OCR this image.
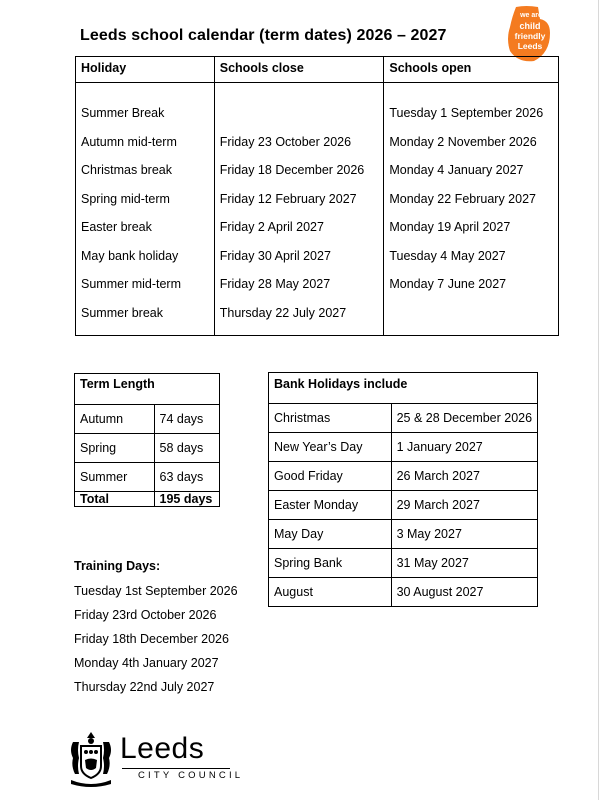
Leeds school calendar (term dates) 2026 – 2027
we are
child
friendly
Leeds
Holiday	Schools close	Schools open
Summer Break		Tuesday 1 September 2026
Autumn mid-term	Friday 23 October 2026	Monday 2 November 2026
Christmas break	Friday 18 December 2026	Monday 4 January 2027
Spring mid-term	Friday 12 February 2027	Monday 22 February 2027
Easter break	Friday 2 April 2027	Monday 19 April 2027
May bank holiday	Friday 30 April 2027	Tuesday 4 May 2027
Summer mid-term	Friday 28 May 2027	Monday 7 June 2027
Summer break	Thursday 22 July 2027	
Term Length	
Autumn	74 days
Spring	58 days
Summer	63 days
Total	195 days
Bank Holidays include	
Christmas	25 & 28 December 2026
New Year’s Day	1 January 2027
Good Friday	26 March 2027
Easter Monday	29 March 2027
May Day	3 May 2027
Spring Bank	31 May 2027
August	30 August 2027
Training Days:
Tuesday 1st September 2026
Friday 23rd October 2026
Friday 18th December 2026
Monday 4th January 2027
Thursday 22nd July 2027
Leeds
CITY COUNCIL
